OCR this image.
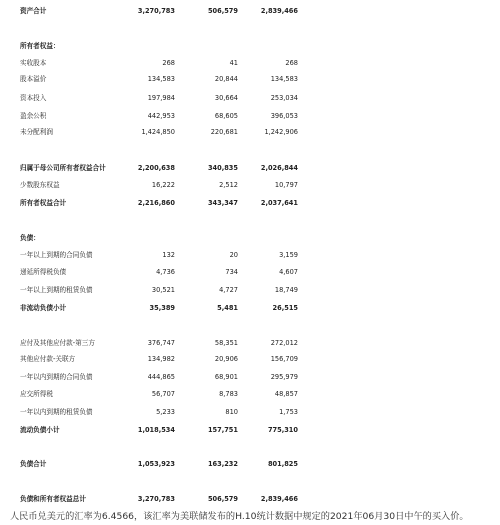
资产合计	3,270,783	506,579	2,839,466
所有者权益：
实收股本	268	41	268
股本溢价	134,583	20,844	134,583
资本投入	197,984	30,664	253,034
盈余公积	442,953	68,605	396,053
未分配利润	1,424,850	220,681	1,242,906
归属于母公司所有者权益合计	2,200,638	340,835	2,026,844
少数股东权益	16,222	2,512	10,797
所有者权益合计	2,216,860	343,347	2,037,641
负债：
一年以上到期的合同负债	132	20	3,159
递延所得税负债	4,736	734	4,607
一年以上到期的租赁负债	30,521	4,727	18,749
非流动负债小计	35,389	5,481	26,515
应付及其他应付款-第三方	376,747	58,351	272,012
其他应付款-关联方	134,982	20,906	156,709
一年以内到期的合同负债	444,865	68,901	295,979
应交所得税	56,707	8,783	48,857
一年以内到期的租赁负债	5,233	810	1,753
流动负债小计	1,018,534	157,751	775,310
负债合计	1,053,923	163,232	801,825
负债和所有者权益总计	3,270,783	506,579	2,839,466
人民币兑美元的汇率为6.4566，该汇率为美联储发布的H.10统计数据中规定的2021年06月30日中午的买入价。
